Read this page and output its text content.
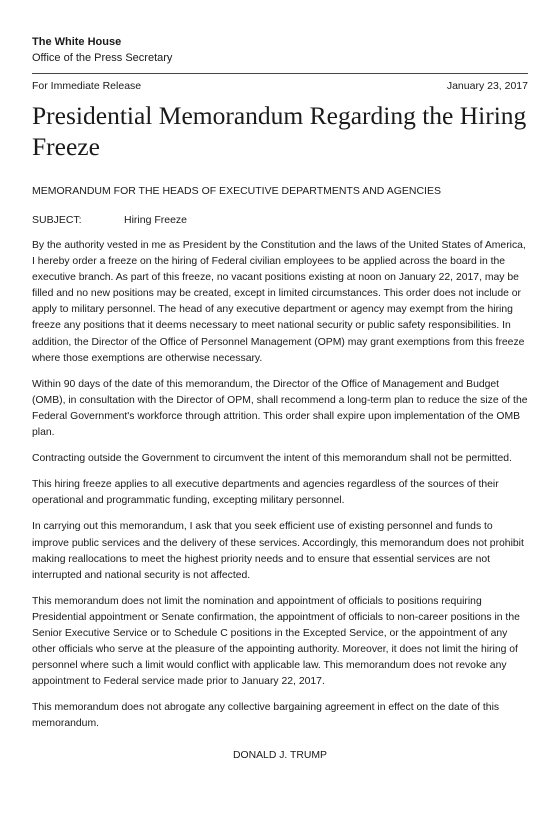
The White House
Office of the Press Secretary
For Immediate Release	January 23, 2017
Presidential Memorandum Regarding the Hiring Freeze
MEMORANDUM FOR THE HEADS OF EXECUTIVE DEPARTMENTS AND AGENCIES
SUBJECT:	Hiring Freeze

By the authority vested in me as President by the Constitution and the laws of the United States of America, I hereby order a freeze on the hiring of Federal civilian employees to be applied across the board in the executive branch. As part of this freeze, no vacant positions existing at noon on January 22, 2017, may be filled and no new positions may be created, except in limited circumstances. This order does not include or apply to military personnel. The head of any executive department or agency may exempt from the hiring freeze any positions that it deems necessary to meet national security or public safety responsibilities. In addition, the Director of the Office of Personnel Management (OPM) may grant exemptions from this freeze where those exemptions are otherwise necessary.

Within 90 days of the date of this memorandum, the Director of the Office of Management and Budget (OMB), in consultation with the Director of OPM, shall recommend a long-term plan to reduce the size of the Federal Government's workforce through attrition. This order shall expire upon implementation of the OMB plan.

Contracting outside the Government to circumvent the intent of this memorandum shall not be permitted.

This hiring freeze applies to all executive departments and agencies regardless of the sources of their operational and programmatic funding, excepting military personnel.

In carrying out this memorandum, I ask that you seek efficient use of existing personnel and funds to improve public services and the delivery of these services. Accordingly, this memorandum does not prohibit making reallocations to meet the highest priority needs and to ensure that essential services are not interrupted and national security is not affected.

This memorandum does not limit the nomination and appointment of officials to positions requiring Presidential appointment or Senate confirmation, the appointment of officials to non-career positions in the Senior Executive Service or to Schedule C positions in the Excepted Service, or the appointment of any other officials who serve at the pleasure of the appointing authority. Moreover, it does not limit the hiring of personnel where such a limit would conflict with applicable law. This memorandum does not revoke any appointment to Federal service made prior to January 22, 2017.

This memorandum does not abrogate any collective bargaining agreement in effect on the date of this memorandum.

DONALD J. TRUMP
